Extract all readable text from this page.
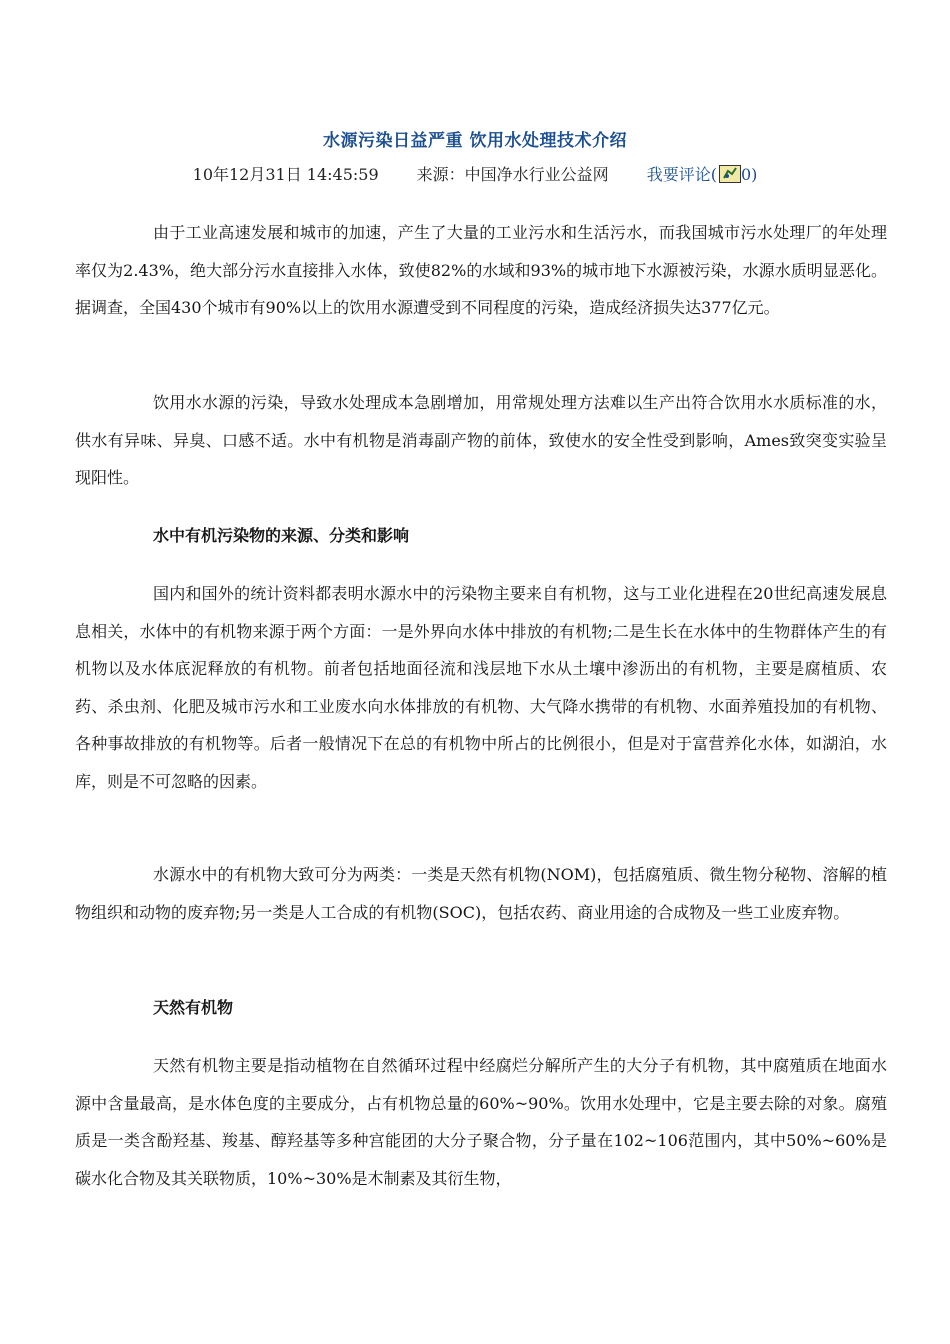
水源污染日益严重 饮用水处理技术介绍
10年12月31日 14:45:59 来源：中国净水行业公益网 我要评论( 0)

由于工业高速发展和城市的加速，产生了大量的工业污水和生活污水，而我国城市污水处理厂的年处理率仅为2.43%，绝大部分污水直接排入水体，致使82%的水域和93%的城市地下水源被污染，水源水质明显恶化。据调查，全国430个城市有90%以上的饮用水源遭受到不同程度的污染，造成经济损失达377亿元。

饮用水水源的污染，导致水处理成本急剧增加，用常规处理方法难以生产出符合饮用水水质标准的水，供水有异味、异臭、口感不适。水中有机物是消毒副产物的前体，致使水的安全性受到影响，Ames致突变实验呈现阳性。

水中有机污染物的来源、分类和影响

国内和国外的统计资料都表明水源水中的污染物主要来自有机物，这与工业化进程在20世纪高速发展息息相关，水体中的有机物来源于两个方面：一是外界向水体中排放的有机物;二是生长在水体中的生物群体产生的有机物以及水体底泥释放的有机物。前者包括地面径流和浅层地下水从土壤中渗沥出的有机物，主要是腐植质、农药、杀虫剂、化肥及城市污水和工业废水向水体排放的有机物、大气降水携带的有机物、水面养殖投加的有机物、各种事故排放的有机物等。后者一般情况下在总的有机物中所占的比例很小，但是对于富营养化水体，如湖泊，水库，则是不可忽略的因素。

水源水中的有机物大致可分为两类：一类是天然有机物(NOM)，包括腐殖质、微生物分秘物、溶解的植物组织和动物的废弃物;另一类是人工合成的有机物(SOC)，包括农药、商业用途的合成物及一些工业废弃物。

天然有机物

天然有机物主要是指动植物在自然循环过程中经腐烂分解所产生的大分子有机物，其中腐殖质在地面水源中含量最高，是水体色度的主要成分，占有机物总量的60%~90%。饮用水处理中，它是主要去除的对象。腐殖质是一类含酚羟基、羧基、醇羟基等多种宫能团的大分子聚合物，分子量在102~106范围内，其中50%~60%是碳水化合物及其关联物质，10%~30%是木制素及其衍生物，
